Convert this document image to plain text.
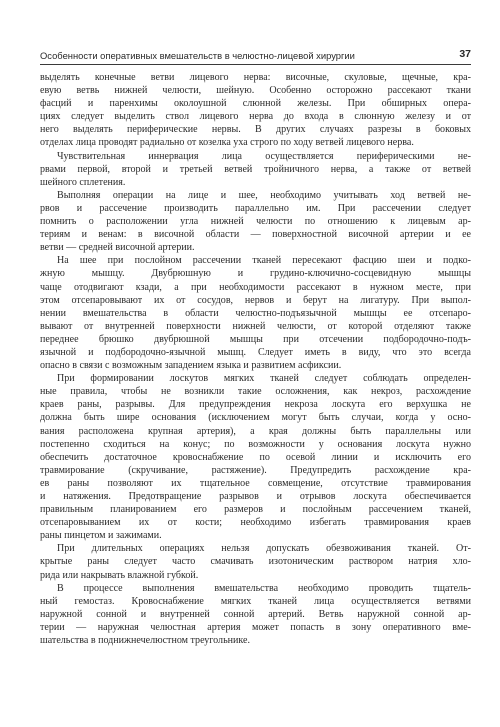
Особенности оперативных вмешательств в челюстно-лицевой хирургии	37

выделять конечные ветви лицевого нерва: височные, скуловые, щечные, кра-
евую ветвь нижней челюсти, шейную. Особенно осторожно рассекают ткани
фасций и паренхимы околоушной слюнной железы. При обширных опера-
циях следует выделить ствол лицевого нерва до входа в слюнную железу и от
него выделять периферические нервы. В других случаях разрезы в боковых
отделах лица проводят радиально от козелка уха строго по ходу ветвей лицевого нерва.

Чувствительная иннервация лица осуществляется периферическими не-
рвами первой, второй и третьей ветвей тройничного нерва, а также от ветвей
шейного сплетения.

Выполняя операции на лице и шее, необходимо учитывать ход ветвей не-
рвов и рассечение производить параллельно им. При рассечении следует
помнить о расположении угла нижней челюсти по отношению к лицевым ар-
териям и венам: в височной области — поверхностной височной артерии и ее
ветви — средней височной артерии.

На шее при послойном рассечении тканей пересекают фасцию шеи и подко-
жную мышцу. Двубрюшную и грудино-ключично-сосцевидную мышцы
чаще отодвигают кзади, а при необходимости рассекают в нужном месте, при
этом отсепаровывают их от сосудов, нервов и берут на лигатуру. При выпол-
нении вмешательства в области челюстно-подъязычной мышцы ее отсепаро-
вывают от внутренней поверхности нижней челюсти, от которой отделяют также
переднее брюшко двубрюшной мышцы при отсечении подбородочно-подъ-
язычной и подбородочно-язычной мышц. Следует иметь в виду, что это всегда
опасно в связи с возможным западением языка и развитием асфиксии.

При формировании лоскутов мягких тканей следует соблюдать определен-
ные правила, чтобы не возникли такие осложнения, как некроз, расхождение
краев раны, разрывы. Для предупреждения некроза лоскута его верхушка не
должна быть шире основания (исключением могут быть случаи, когда у осно-
вания расположена крупная артерия), а края должны быть параллельны или
постепенно сходиться на конус; по возможности у основания лоскута нужно
обеспечить достаточное кровоснабжение по осевой линии и исключить его
травмирование (скручивание, растяжение). Предупредить расхождение кра-
ев раны позволяют их тщательное совмещение, отсутствие травмирования
и натяжения. Предотвращение разрывов и отрывов лоскута обеспечивается
правильным планированием его размеров и послойным рассечением тканей,
отсепаровыванием их от кости; необходимо избегать травмирования краев
раны пинцетом и зажимами.

При длительных операциях нельзя допускать обезвоживания тканей. От-
крытые раны следует часто смачивать изотоническим раствором натрия хло-
рида или накрывать влажной губкой.

В процессе выполнения вмешательства необходимо проводить тщатель-
ный гемостаз. Кровоснабжение мягких тканей лица осуществляется ветвями
наружной сонной и внутренней сонной артерий. Ветвь наружной сонной ар-
терии — наружная челюстная артерия может попасть в зону оперативного вме-
шательства в поднижнечелюстном треугольнике.
